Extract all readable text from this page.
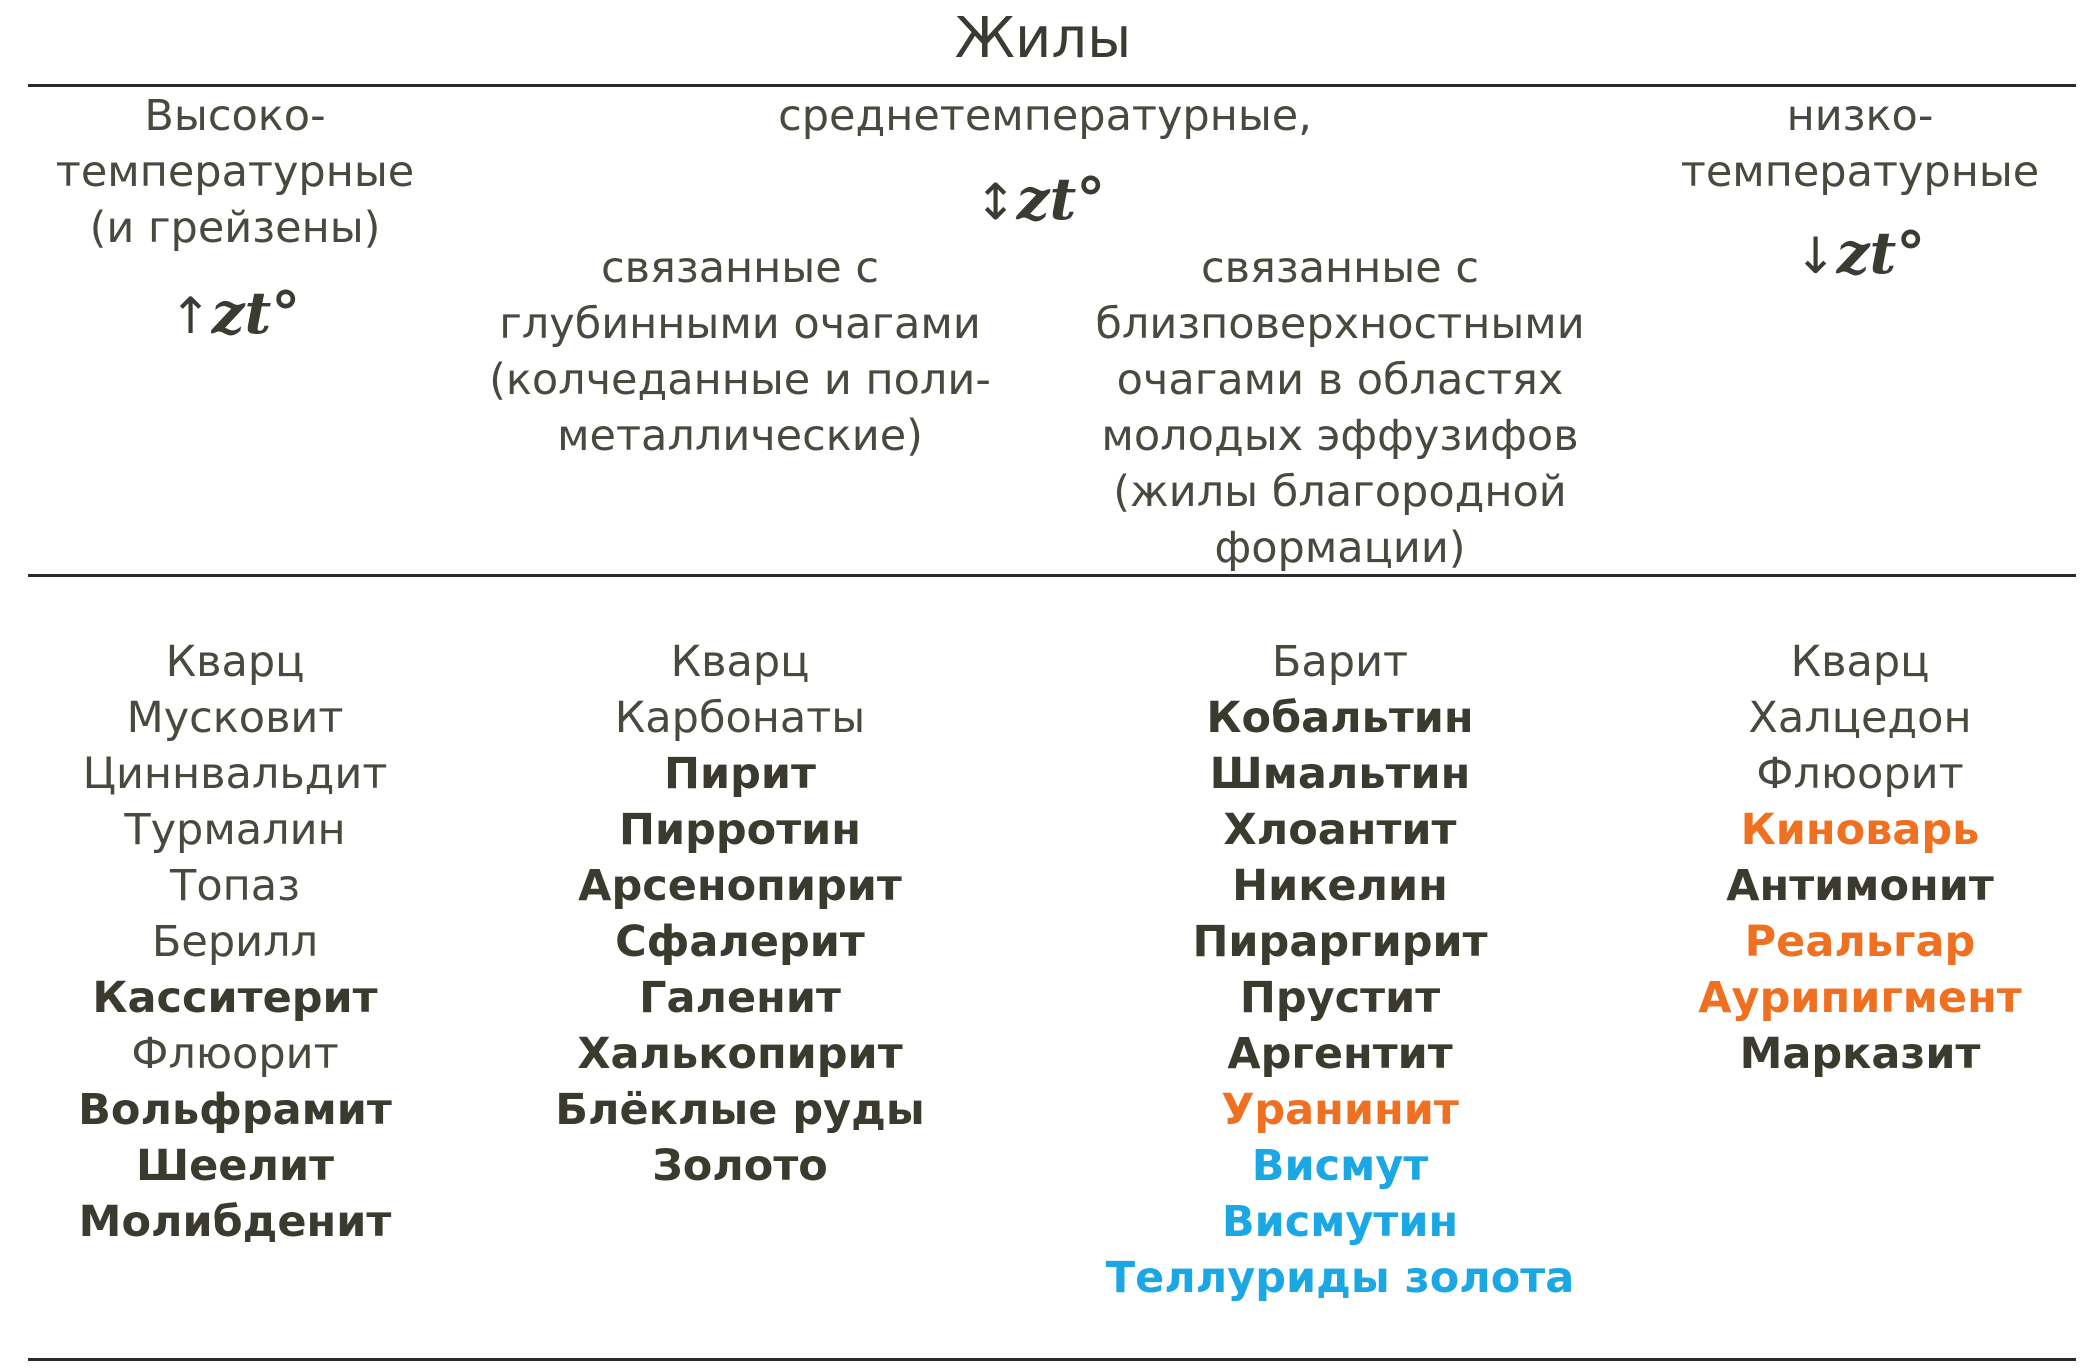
Жилы
Высоко-
температурные
(и грейзены)
↑𝒛t°
среднетемпературные,
↕𝒛t°
связанные с
глубинными очагами
(колчеданные и поли-
металлические)
связанные с
близповерхностными
очагами в областях
молодых эффузифов
(жилы благородной
формации)
низко-
температурные
↓𝒛t°
Кварц
Мусковит
Циннвальдит
Турмалин
Топаз
Берилл
Касситерит
Флюорит
Вольфрамит
Шеелит
Молибденит
Кварц
Карбонаты
Пирит
Пирротин
Арсенопирит
Сфалерит
Галенит
Халькопирит
Блёклые руды
Золото
Барит
Кобальтин
Шмальтин
Хлоантит
Никелин
Пираргирит
Прустит
Аргентит
Уранинит
Висмут
Висмутин
Теллуриды золота
Кварц
Халцедон
Флюорит
Киноварь
Антимонит
Реальгар
Аурипигмент
Марказит
